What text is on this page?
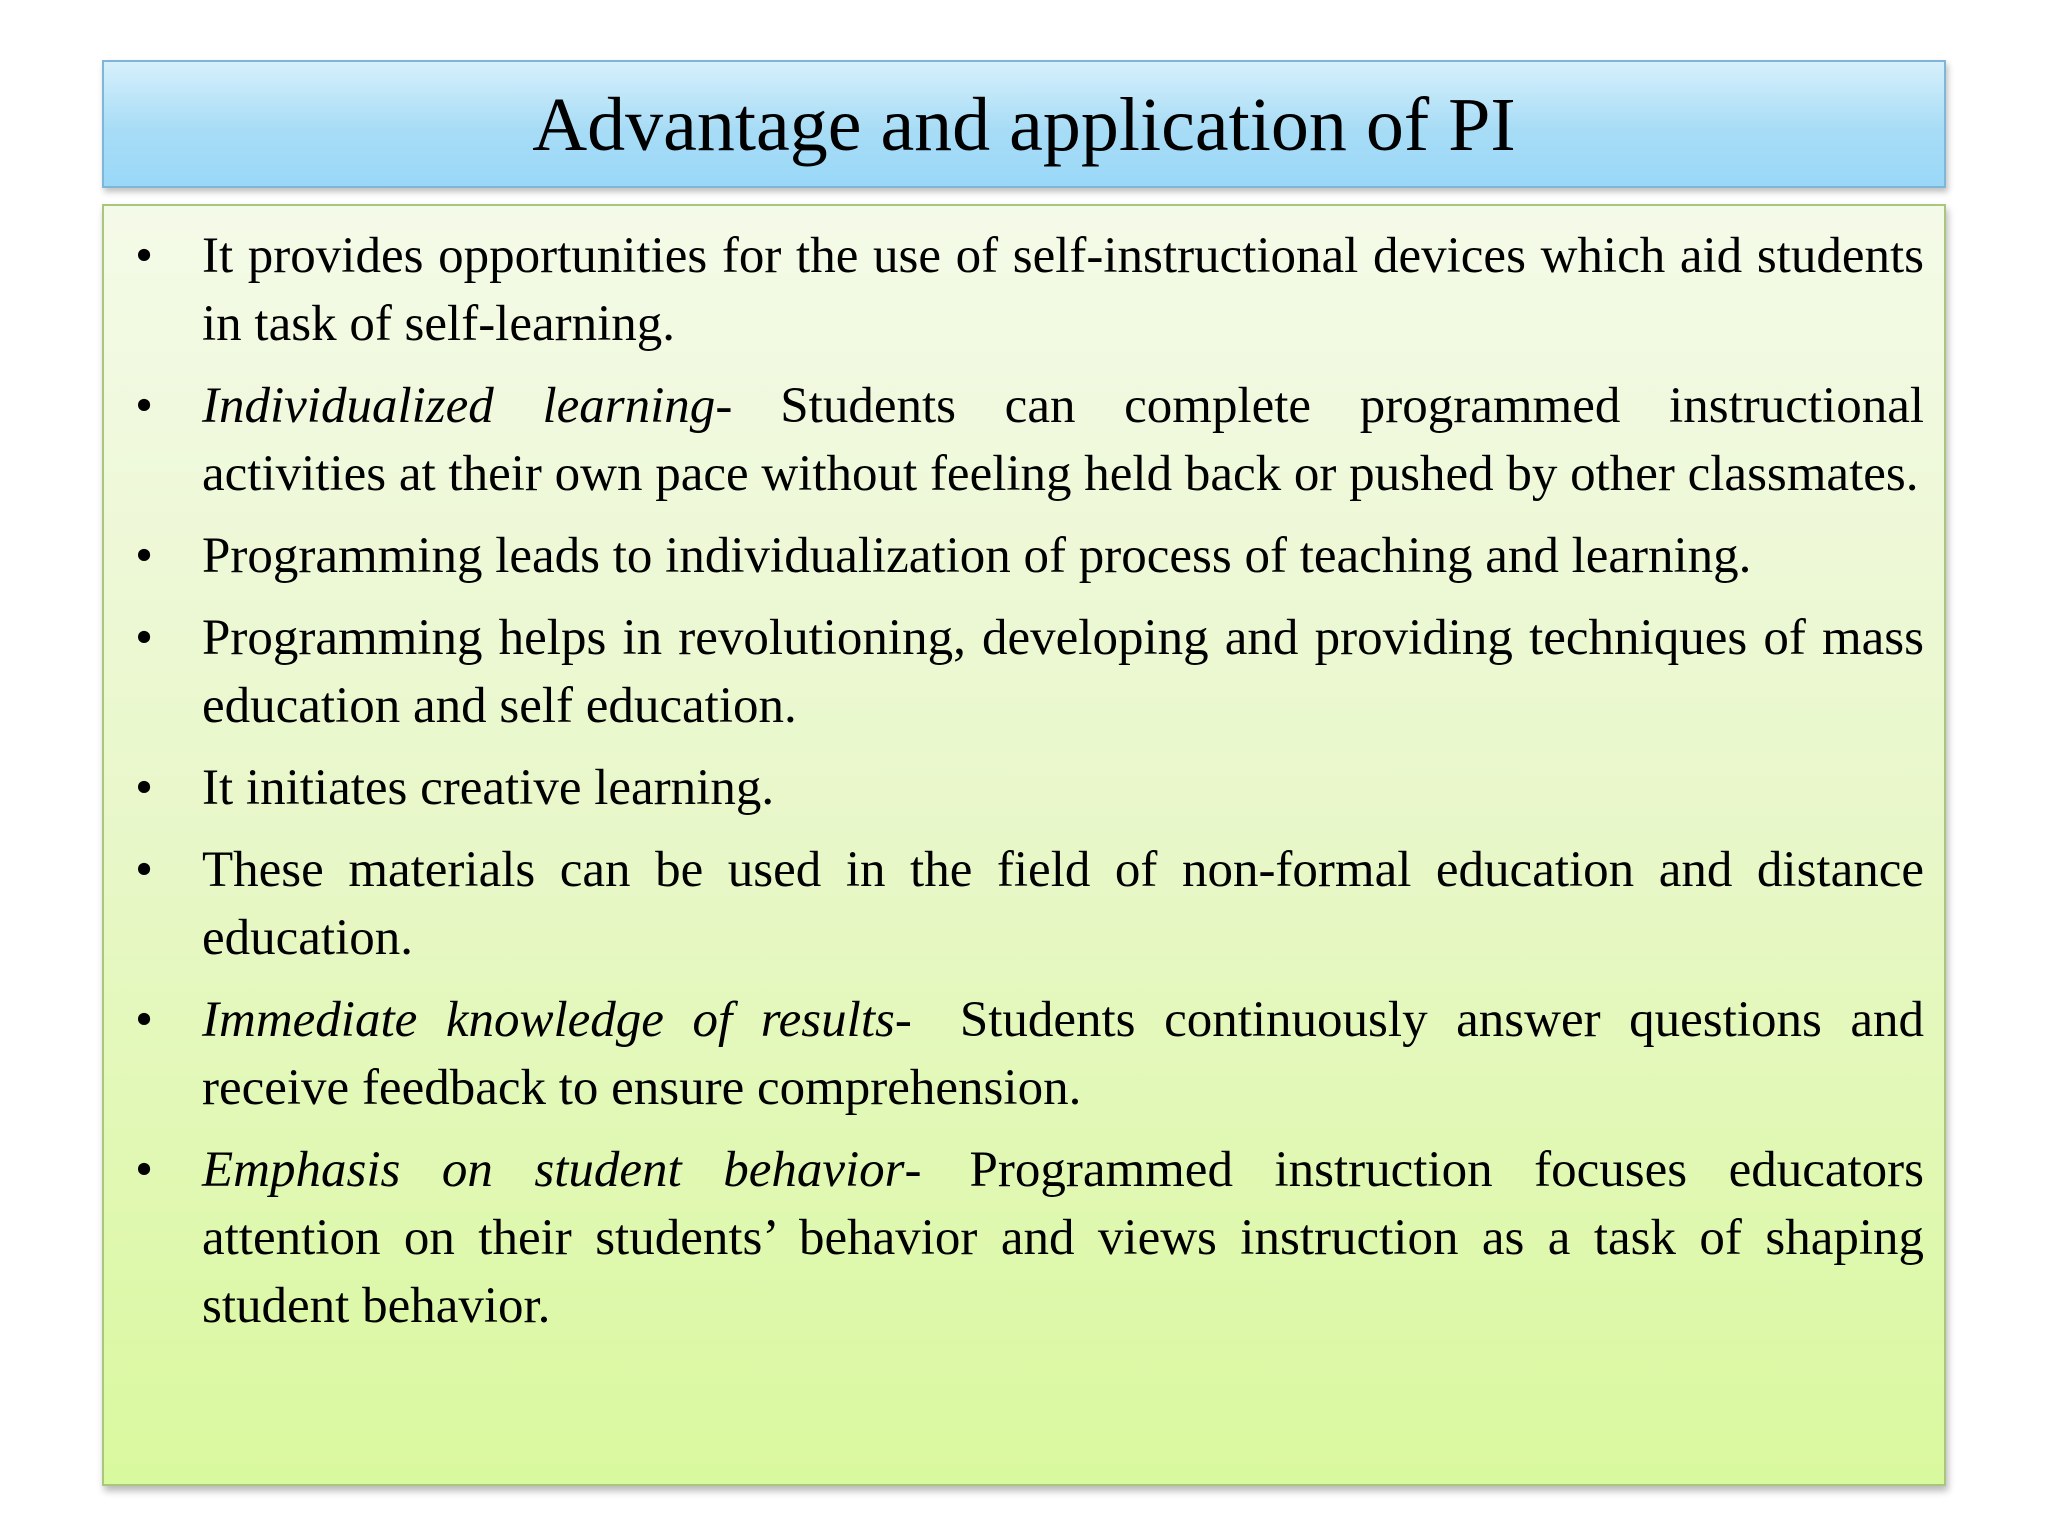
Advantage and application of PI
• It provides opportunities for the use of self-instructional devices which aid students in task of self-learning.
• Individualized learning- Students can complete programmed instructional activities at their own pace without feeling held back or pushed by other classmates.
• Programming leads to individualization of process of teaching and learning.
• Programming helps in revolutioning, developing and providing techniques of mass education and self education.
• It initiates creative learning.
• These materials can be used in the field of non-formal education and distance education.
• Immediate knowledge of results- Students continuously answer questions and receive feedback to ensure comprehension.
• Emphasis on student behavior- Programmed instruction focuses educators attention on their students’ behavior and views instruction as a task of shaping student behavior.
